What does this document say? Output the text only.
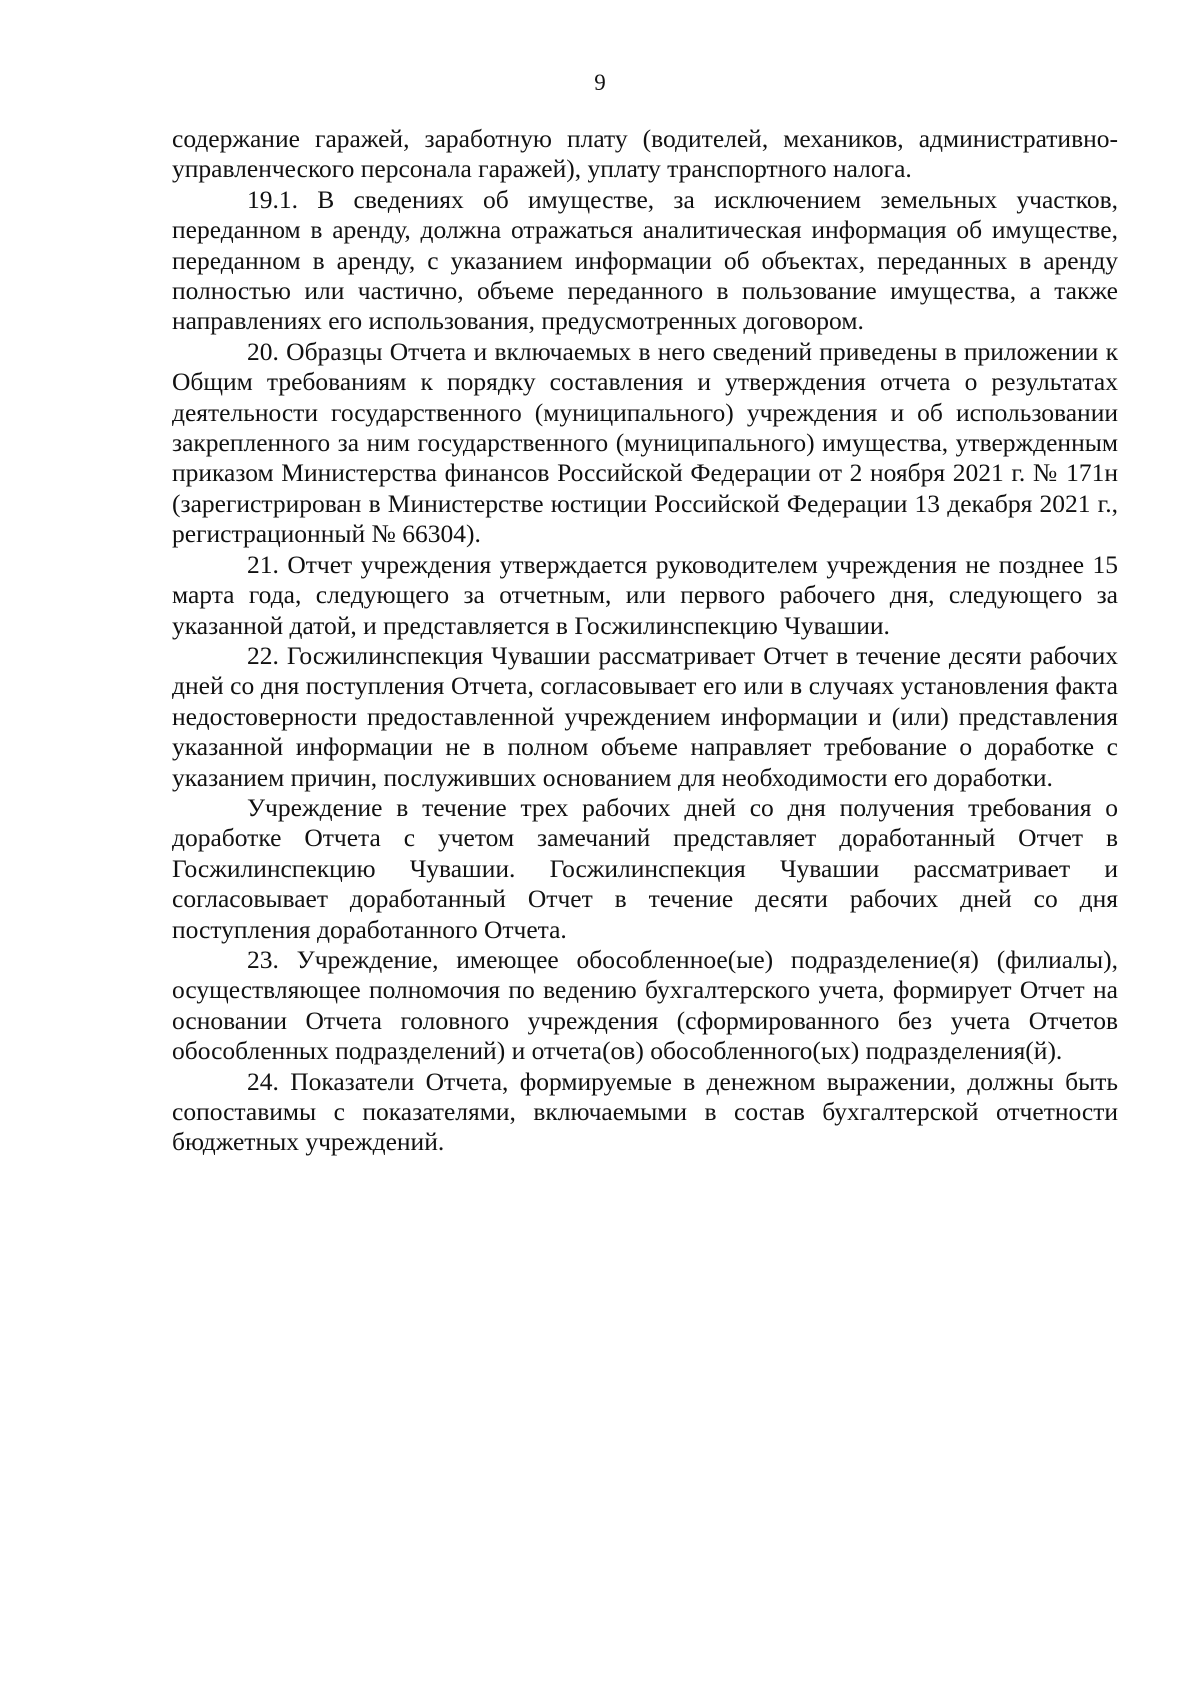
9

содержание гаражей, заработную плату (водителей, механиков, административно-управленческого персонала гаражей), уплату транспортного налога.

19.1. В сведениях об имуществе, за исключением земельных участков, переданном в аренду, должна отражаться аналитическая информация об имуществе, переданном в аренду, с указанием информации об объектах, переданных в аренду полностью или частично, объеме переданного в пользование имущества, а также направлениях его использования, предусмотренных договором.

20. Образцы Отчета и включаемых в него сведений приведены в приложении к Общим требованиям к порядку составления и утверждения отчета о результатах деятельности государственного (муниципального) учреждения и об использовании закрепленного за ним государственного (муниципального) имущества, утвержденным приказом Министерства финансов Российской Федерации от 2 ноября 2021 г. № 171н (зарегистрирован в Министерстве юстиции Российской Федерации 13 декабря 2021 г., регистрационный № 66304).

21. Отчет учреждения утверждается руководителем учреждения не позднее 15 марта года, следующего за отчетным, или первого рабочего дня, следующего за указанной датой, и представляется в Госжилинспекцию Чувашии.

22. Госжилинспекция Чувашии рассматривает Отчет в течение десяти рабочих дней со дня поступления Отчета, согласовывает его или в случаях установления факта недостоверности предоставленной учреждением информации и (или) представления указанной информации не в полном объеме направляет требование о доработке с указанием причин, послуживших основанием для необходимости его доработки.

Учреждение в течение трех рабочих дней со дня получения требования о доработке Отчета с учетом замечаний представляет доработанный Отчет в Госжилинспекцию Чувашии. Госжилинспекция Чувашии рассматривает и согласовывает доработанный Отчет в течение десяти рабочих дней со дня поступления доработанного Отчета.

23. Учреждение, имеющее обособленное(ые) подразделение(я) (филиалы), осуществляющее полномочия по ведению бухгалтерского учета, формирует Отчет на основании Отчета головного учреждения (сформированного без учета Отчетов обособленных подразделений) и отчета(ов) обособленного(ых) подразделения(й).

24. Показатели Отчета, формируемые в денежном выражении, должны быть сопоставимы с показателями, включаемыми в состав бухгалтерской отчетности бюджетных учреждений.
